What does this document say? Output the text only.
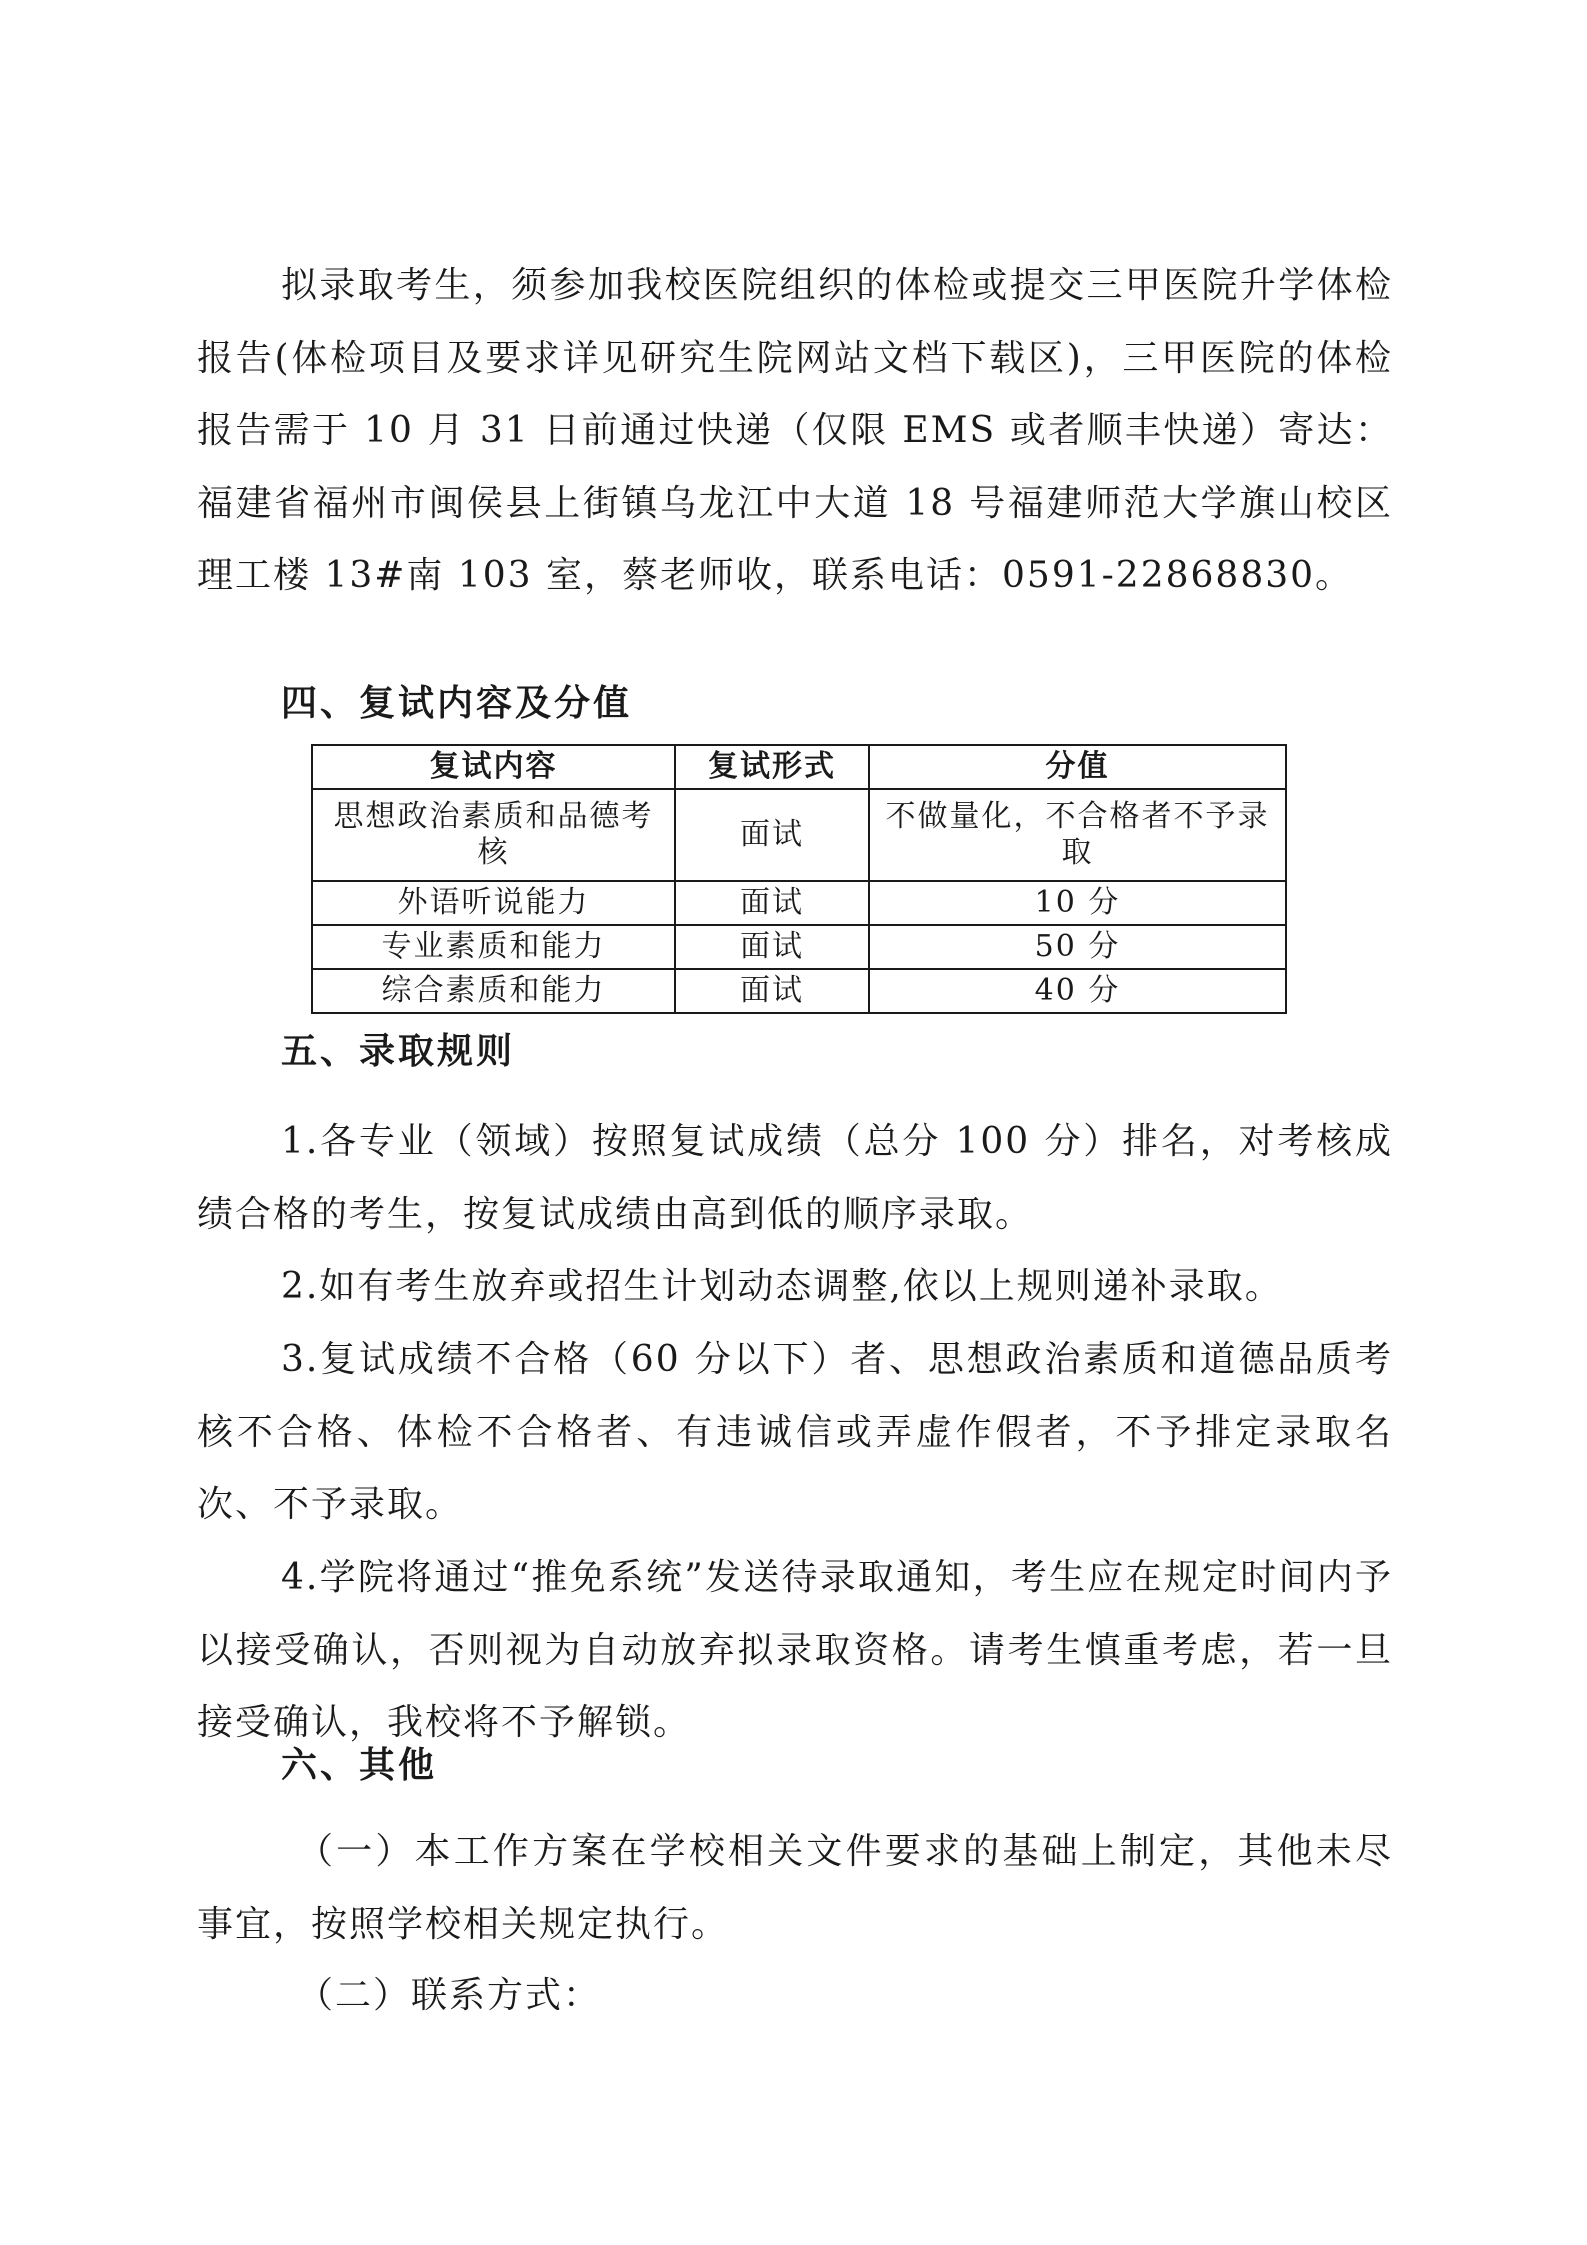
拟录取考生，须参加我校医院组织的体检或提交三甲医院升学体检报告(体检项目及要求详见研究生院网站文档下载区)，三甲医院的体检报告需于 10 月 31 日前通过快递（仅限 EMS 或者顺丰快递）寄达：福建省福州市闽侯县上街镇乌龙江中大道 18 号福建师范大学旗山校区理工楼 13#南 103 室，蔡老师收，联系电话：0591-22868830。

四、复试内容及分值
复试内容	复试形式	分值
思想政治素质和品德考核	面试	不做量化，不合格者不予录取
外语听说能力	面试	10 分
专业素质和能力	面试	50 分
综合素质和能力	面试	40 分
五、录取规则

1.各专业（领域）按照复试成绩（总分 100 分）排名，对考核成绩合格的考生，按复试成绩由高到低的顺序录取。

2.如有考生放弃或招生计划动态调整,依以上规则递补录取。

3.复试成绩不合格（60 分以下）者、思想政治素质和道德品质考核不合格、体检不合格者、有违诚信或弄虚作假者，不予排定录取名次、不予录取。

4.学院将通过“推免系统”发送待录取通知，考生应在规定时间内予以接受确认，否则视为自动放弃拟录取资格。请考生慎重考虑，若一旦接受确认，我校将不予解锁。

六、其他

（一）本工作方案在学校相关文件要求的基础上制定，其他未尽事宜，按照学校相关规定执行。

（二）联系方式：
